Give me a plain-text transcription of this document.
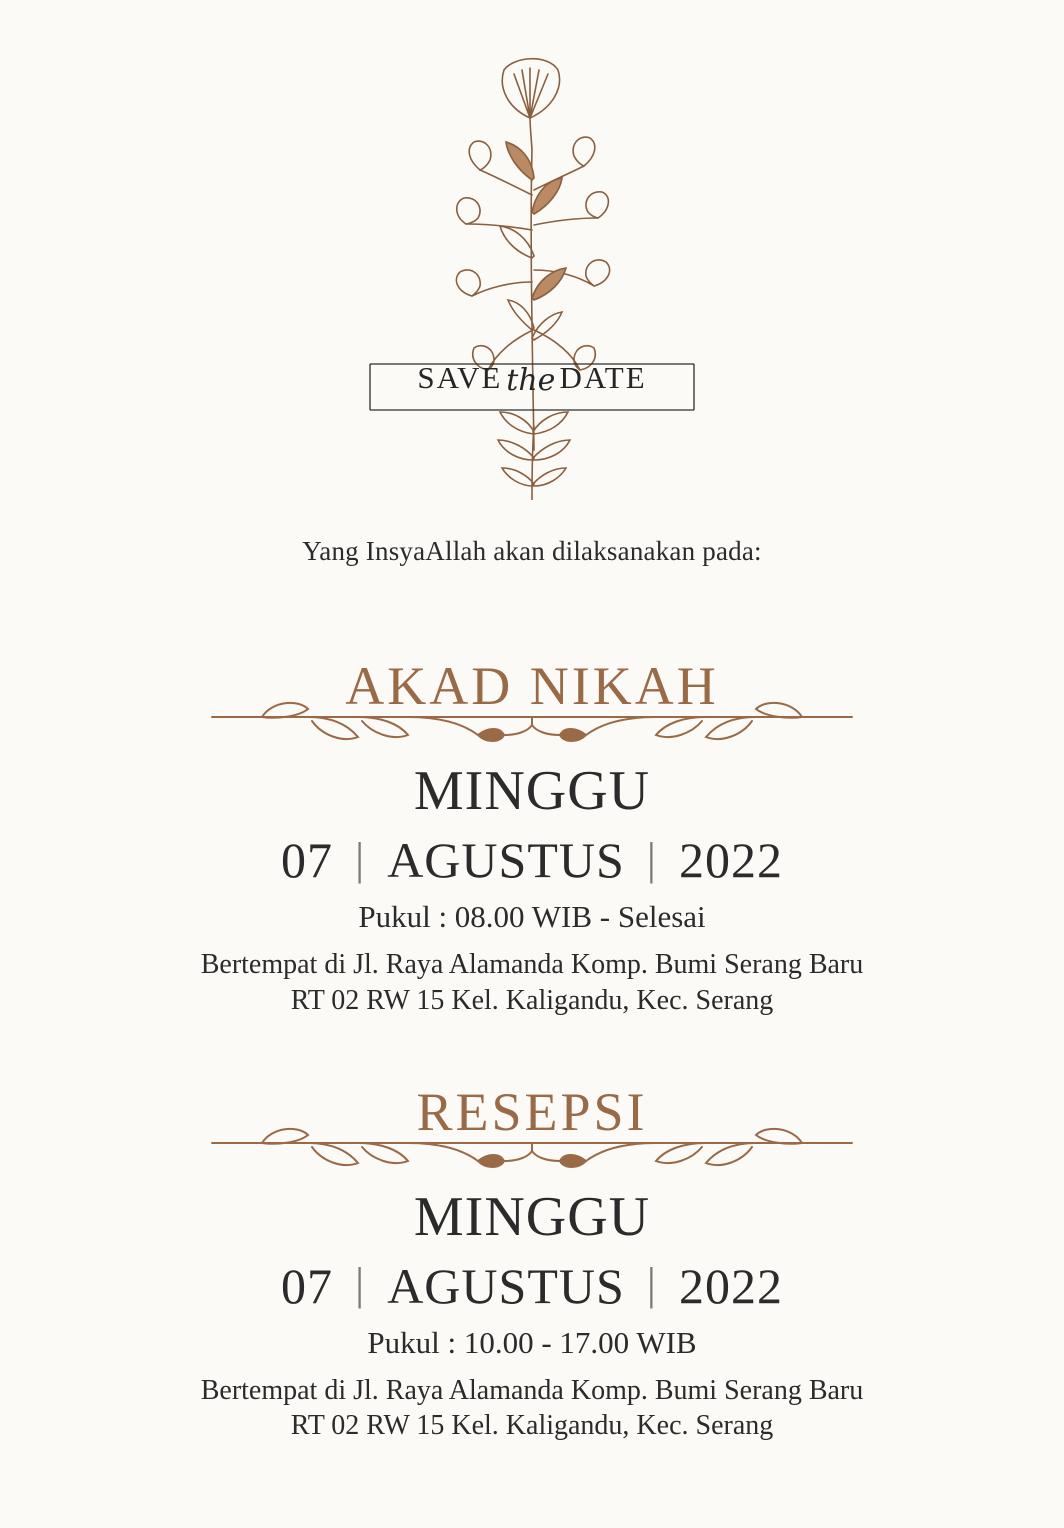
SAVE the DATE
Yang InsyaAllah akan dilaksanakan pada:
AKAD NIKAH
MINGGU
07 | AGUSTUS | 2022
Pukul : 08.00 WIB - Selesai
Bertempat di Jl. Raya Alamanda Komp. Bumi Serang Baru
RT 02 RW 15 Kel. Kaligandu, Kec. Serang
RESEPSI
MINGGU
07 | AGUSTUS | 2022
Pukul : 10.00 - 17.00 WIB
Bertempat di Jl. Raya Alamanda Komp. Bumi Serang Baru
RT 02 RW 15 Kel. Kaligandu, Kec. Serang
